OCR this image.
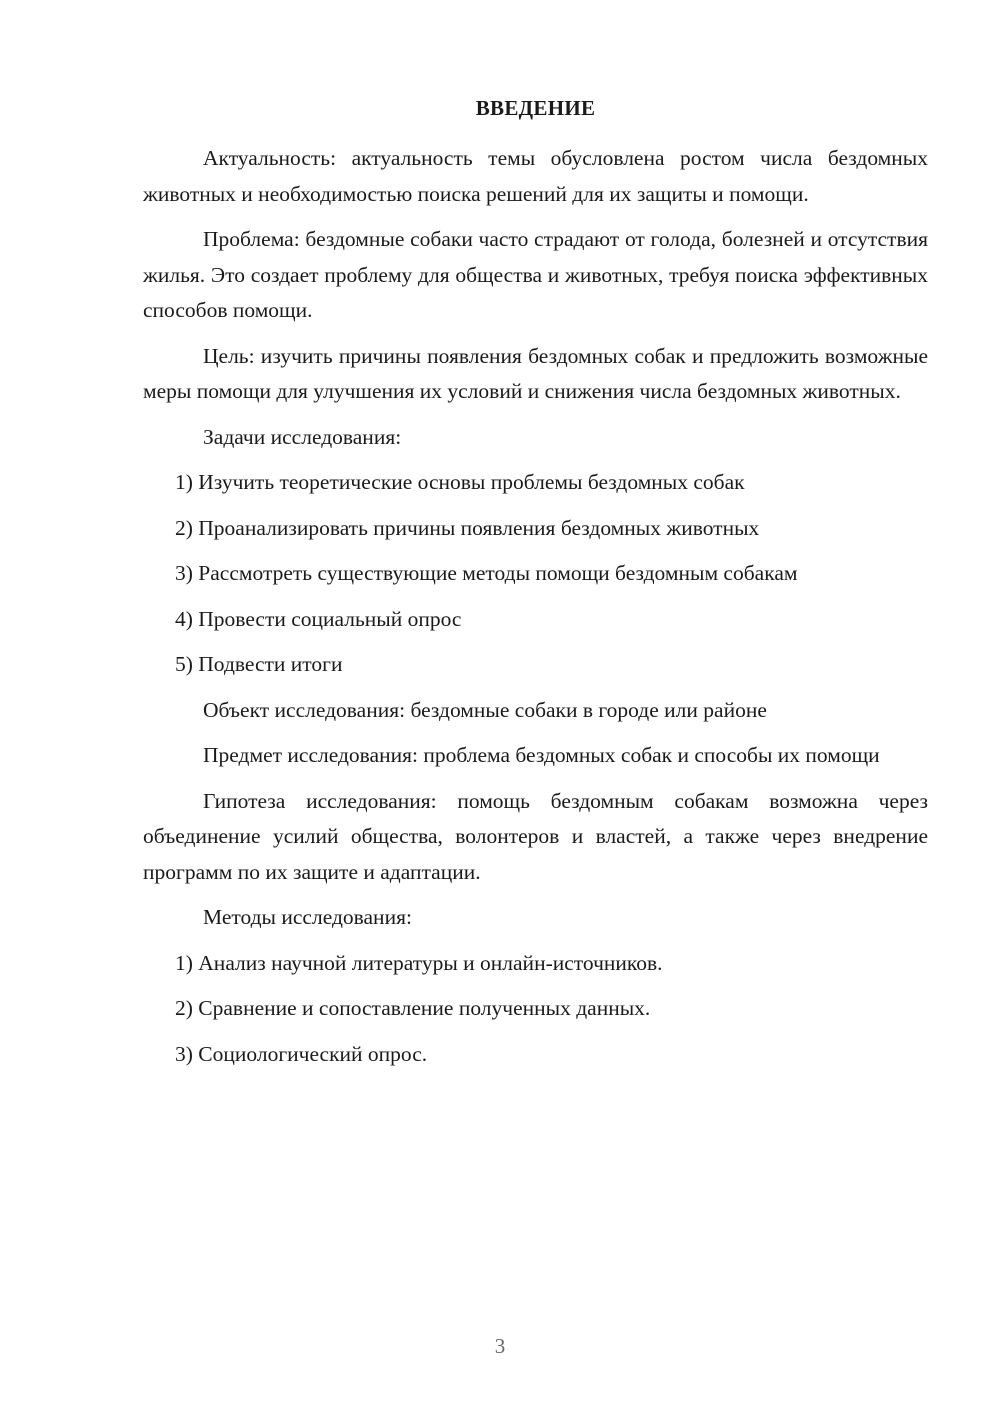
ВВЕДЕНИЕ

Актуальность: актуальность темы обусловлена ростом числа бездомных животных и необходимостью поиска решений для их защиты и помощи.

Проблема: бездомные собаки часто страдают от голода, болезней и отсутствия жилья. Это создает проблему для общества и животных, требуя поиска эффективных способов помощи.

Цель: изучить причины появления бездомных собак и предложить возможные меры помощи для улучшения их условий и снижения числа бездомных животных.

Задачи исследования:

1) Изучить теоретические основы проблемы бездомных собак
2) Проанализировать причины появления бездомных животных
3) Рассмотреть существующие методы помощи бездомным собакам
4) Провести социальный опрос
5) Подвести итоги

Объект исследования: бездомные собаки в городе или районе

Предмет исследования: проблема бездомных собак и способы их помощи

Гипотеза исследования: помощь бездомным собакам возможна через объединение усилий общества, волонтеров и властей, а также через внедрение программ по их защите и адаптации.

Методы исследования:

1) Анализ научной литературы и онлайн-источников.
2) Сравнение и сопоставление полученных данных.
3) Социологический опрос.
3
